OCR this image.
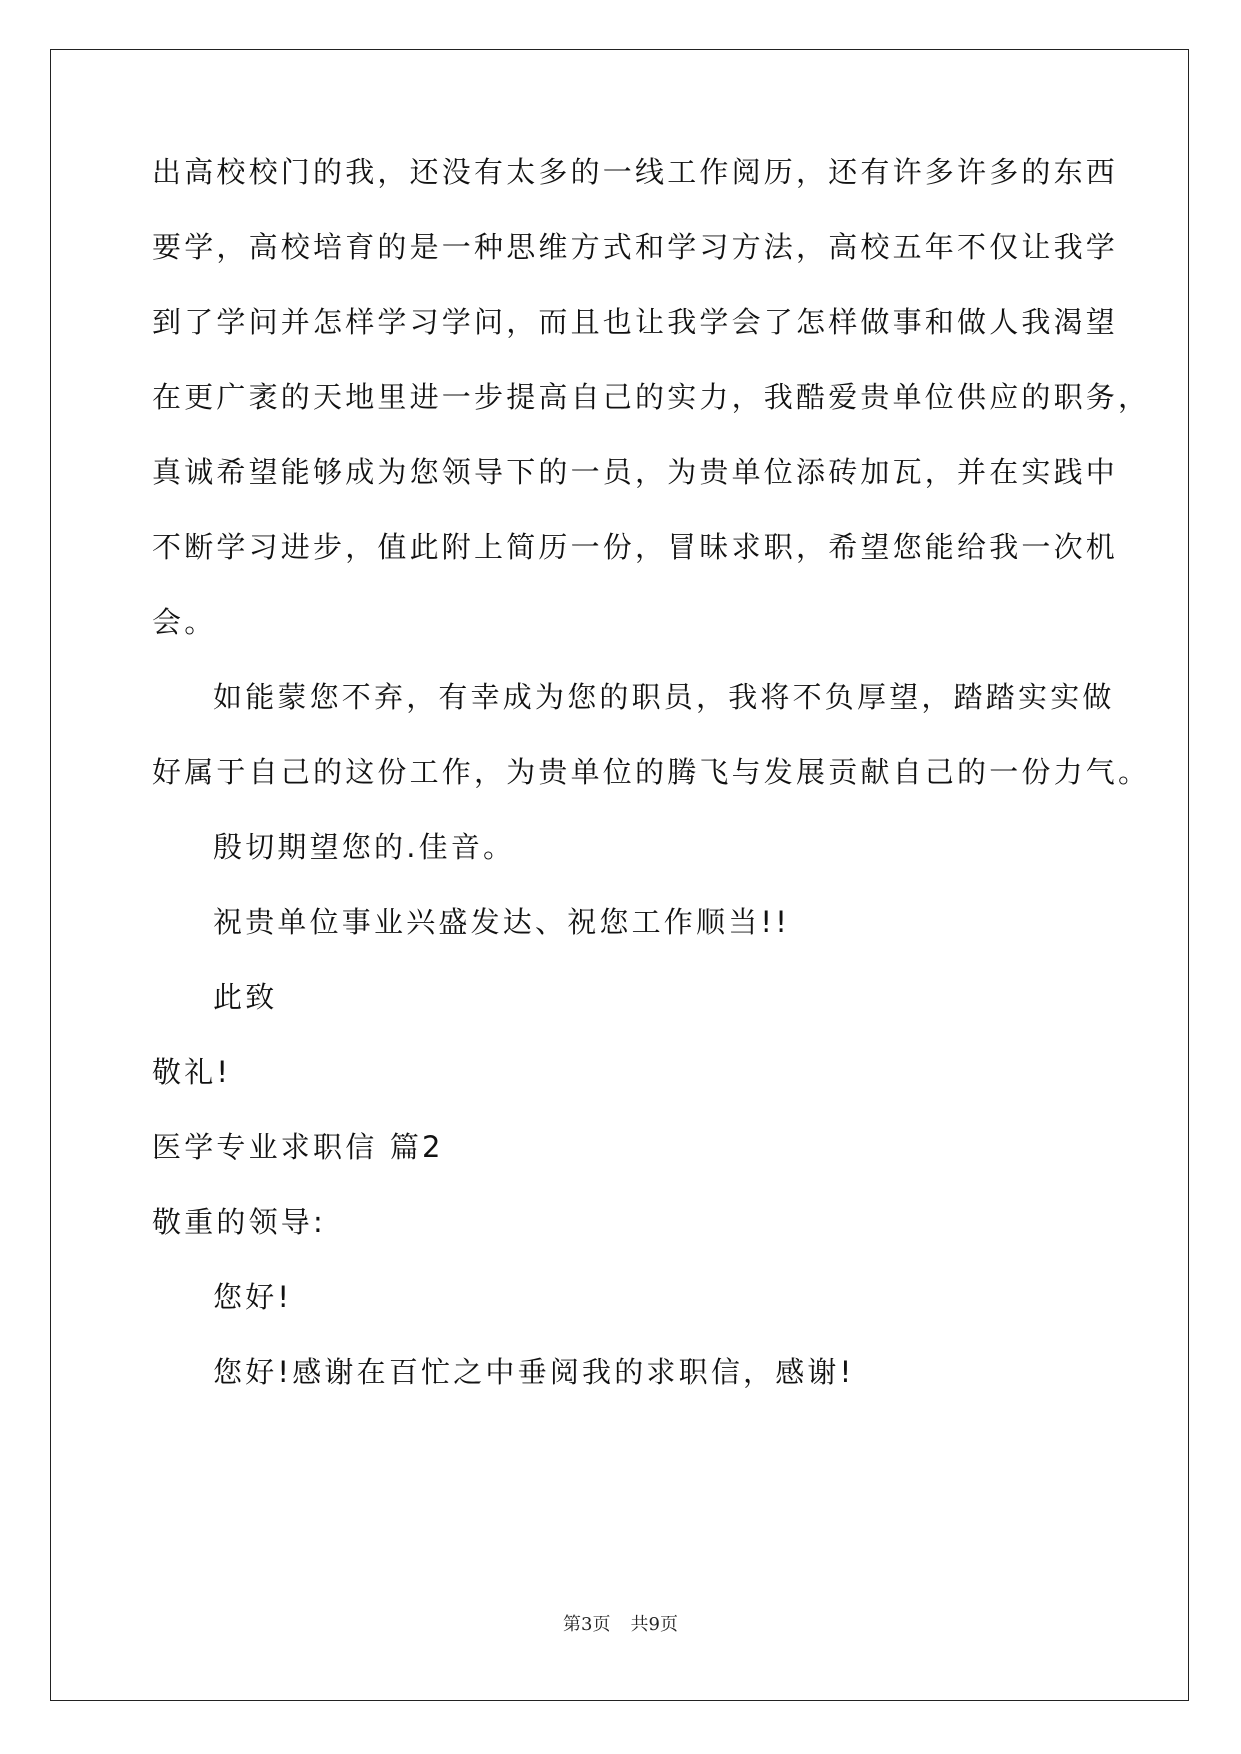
出高校校门的我，还没有太多的一线工作阅历，还有许多许多的东西
要学，高校培育的是一种思维方式和学习方法，高校五年不仅让我学
到了学问并怎样学习学问，而且也让我学会了怎样做事和做人我渴望
在更广袤的天地里进一步提高自己的实力，我酷爱贵单位供应的职务，
真诚希望能够成为您领导下的一员，为贵单位添砖加瓦，并在实践中
不断学习进步，值此附上简历一份，冒昧求职，希望您能给我一次机
会。
如能蒙您不弃，有幸成为您的职员，我将不负厚望，踏踏实实做
好属于自己的这份工作，为贵单位的腾飞与发展贡献自己的一份力气。
殷切期望您的.佳音。
祝贵单位事业兴盛发达、祝您工作顺当!!
此致
敬礼!
医学专业求职信 篇2
敬重的领导:
您好!
您好!感谢在百忙之中垂阅我的求职信，感谢!
第3页 共9页
